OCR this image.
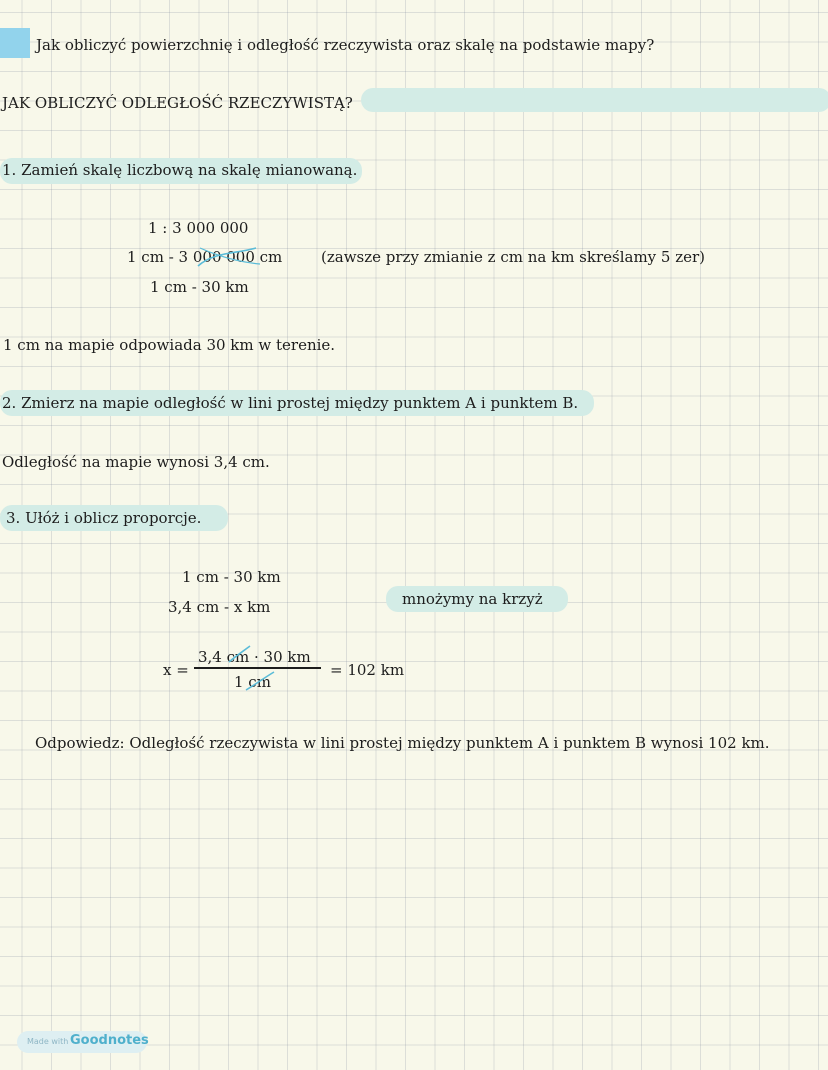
Jak obliczyć powierzchnię i odległość rzeczywista oraz skalę na podstawie mapy?
JAK OBLICZYĆ ODLEGŁOŚĆ RZECZYWISTĄ?
1. Zamień skalę liczbową na skalę mianowaną.
1 : 3 000 000
1 cm - 3 000 000 cm	(zawsze przy zmianie z cm na km skreślamy 5 zer)
1 cm - 30 km
1 cm na mapie odpowiada 30 km w terenie.
2. Zmierz na mapie odległość w lini prostej między punktem A i punktem B.
Odległość na mapie wynosi 3,4 cm.
3. Ułóż i oblicz proporcje.
1 cm - 30 km
3,4 cm - x km	mnożymy na krzyż
x =
3,4 cm · 30 km
1 cm
= 102 km
Odpowiedz: Odległość rzeczywista w lini prostej między punktem A i punktem B wynosi 102 km.
Made with Goodnotes
